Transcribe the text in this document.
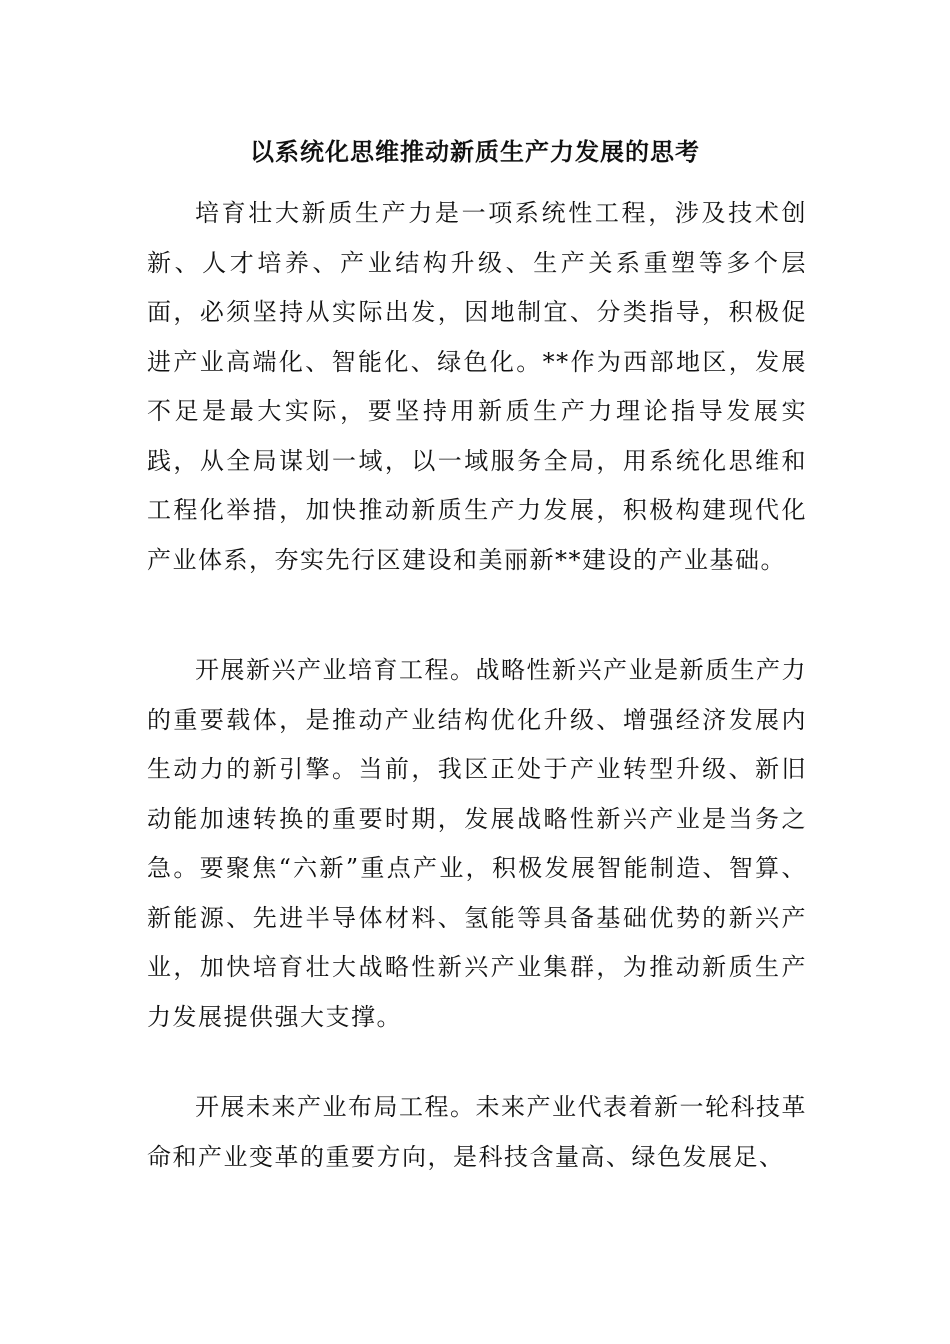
以系统化思维推动新质生产力发展的思考

培育壮大新质生产力是一项系统性工程，涉及技术创新、人才培养、产业结构升级、生产关系重塑等多个层面，必须坚持从实际出发，因地制宜、分类指导，积极促进产业高端化、智能化、绿色化。**作为西部地区，发展不足是最大实际，要坚持用新质生产力理论指导发展实践，从全局谋划一域，以一域服务全局，用系统化思维和工程化举措，加快推动新质生产力发展，积极构建现代化产业体系，夯实先行区建设和美丽新**建设的产业基础。

开展新兴产业培育工程。战略性新兴产业是新质生产力的重要载体，是推动产业结构优化升级、增强经济发展内生动力的新引擎。当前，我区正处于产业转型升级、新旧动能加速转换的重要时期，发展战略性新兴产业是当务之急。要聚焦“六新”重点产业，积极发展智能制造、智算、新能源、先进半导体材料、氢能等具备基础优势的新兴产业，加快培育壮大战略性新兴产业集群，为推动新质生产力发展提供强大支撑。

开展未来产业布局工程。未来产业代表着新一轮科技革命和产业变革的重要方向，是科技含量高、绿色发展足、
